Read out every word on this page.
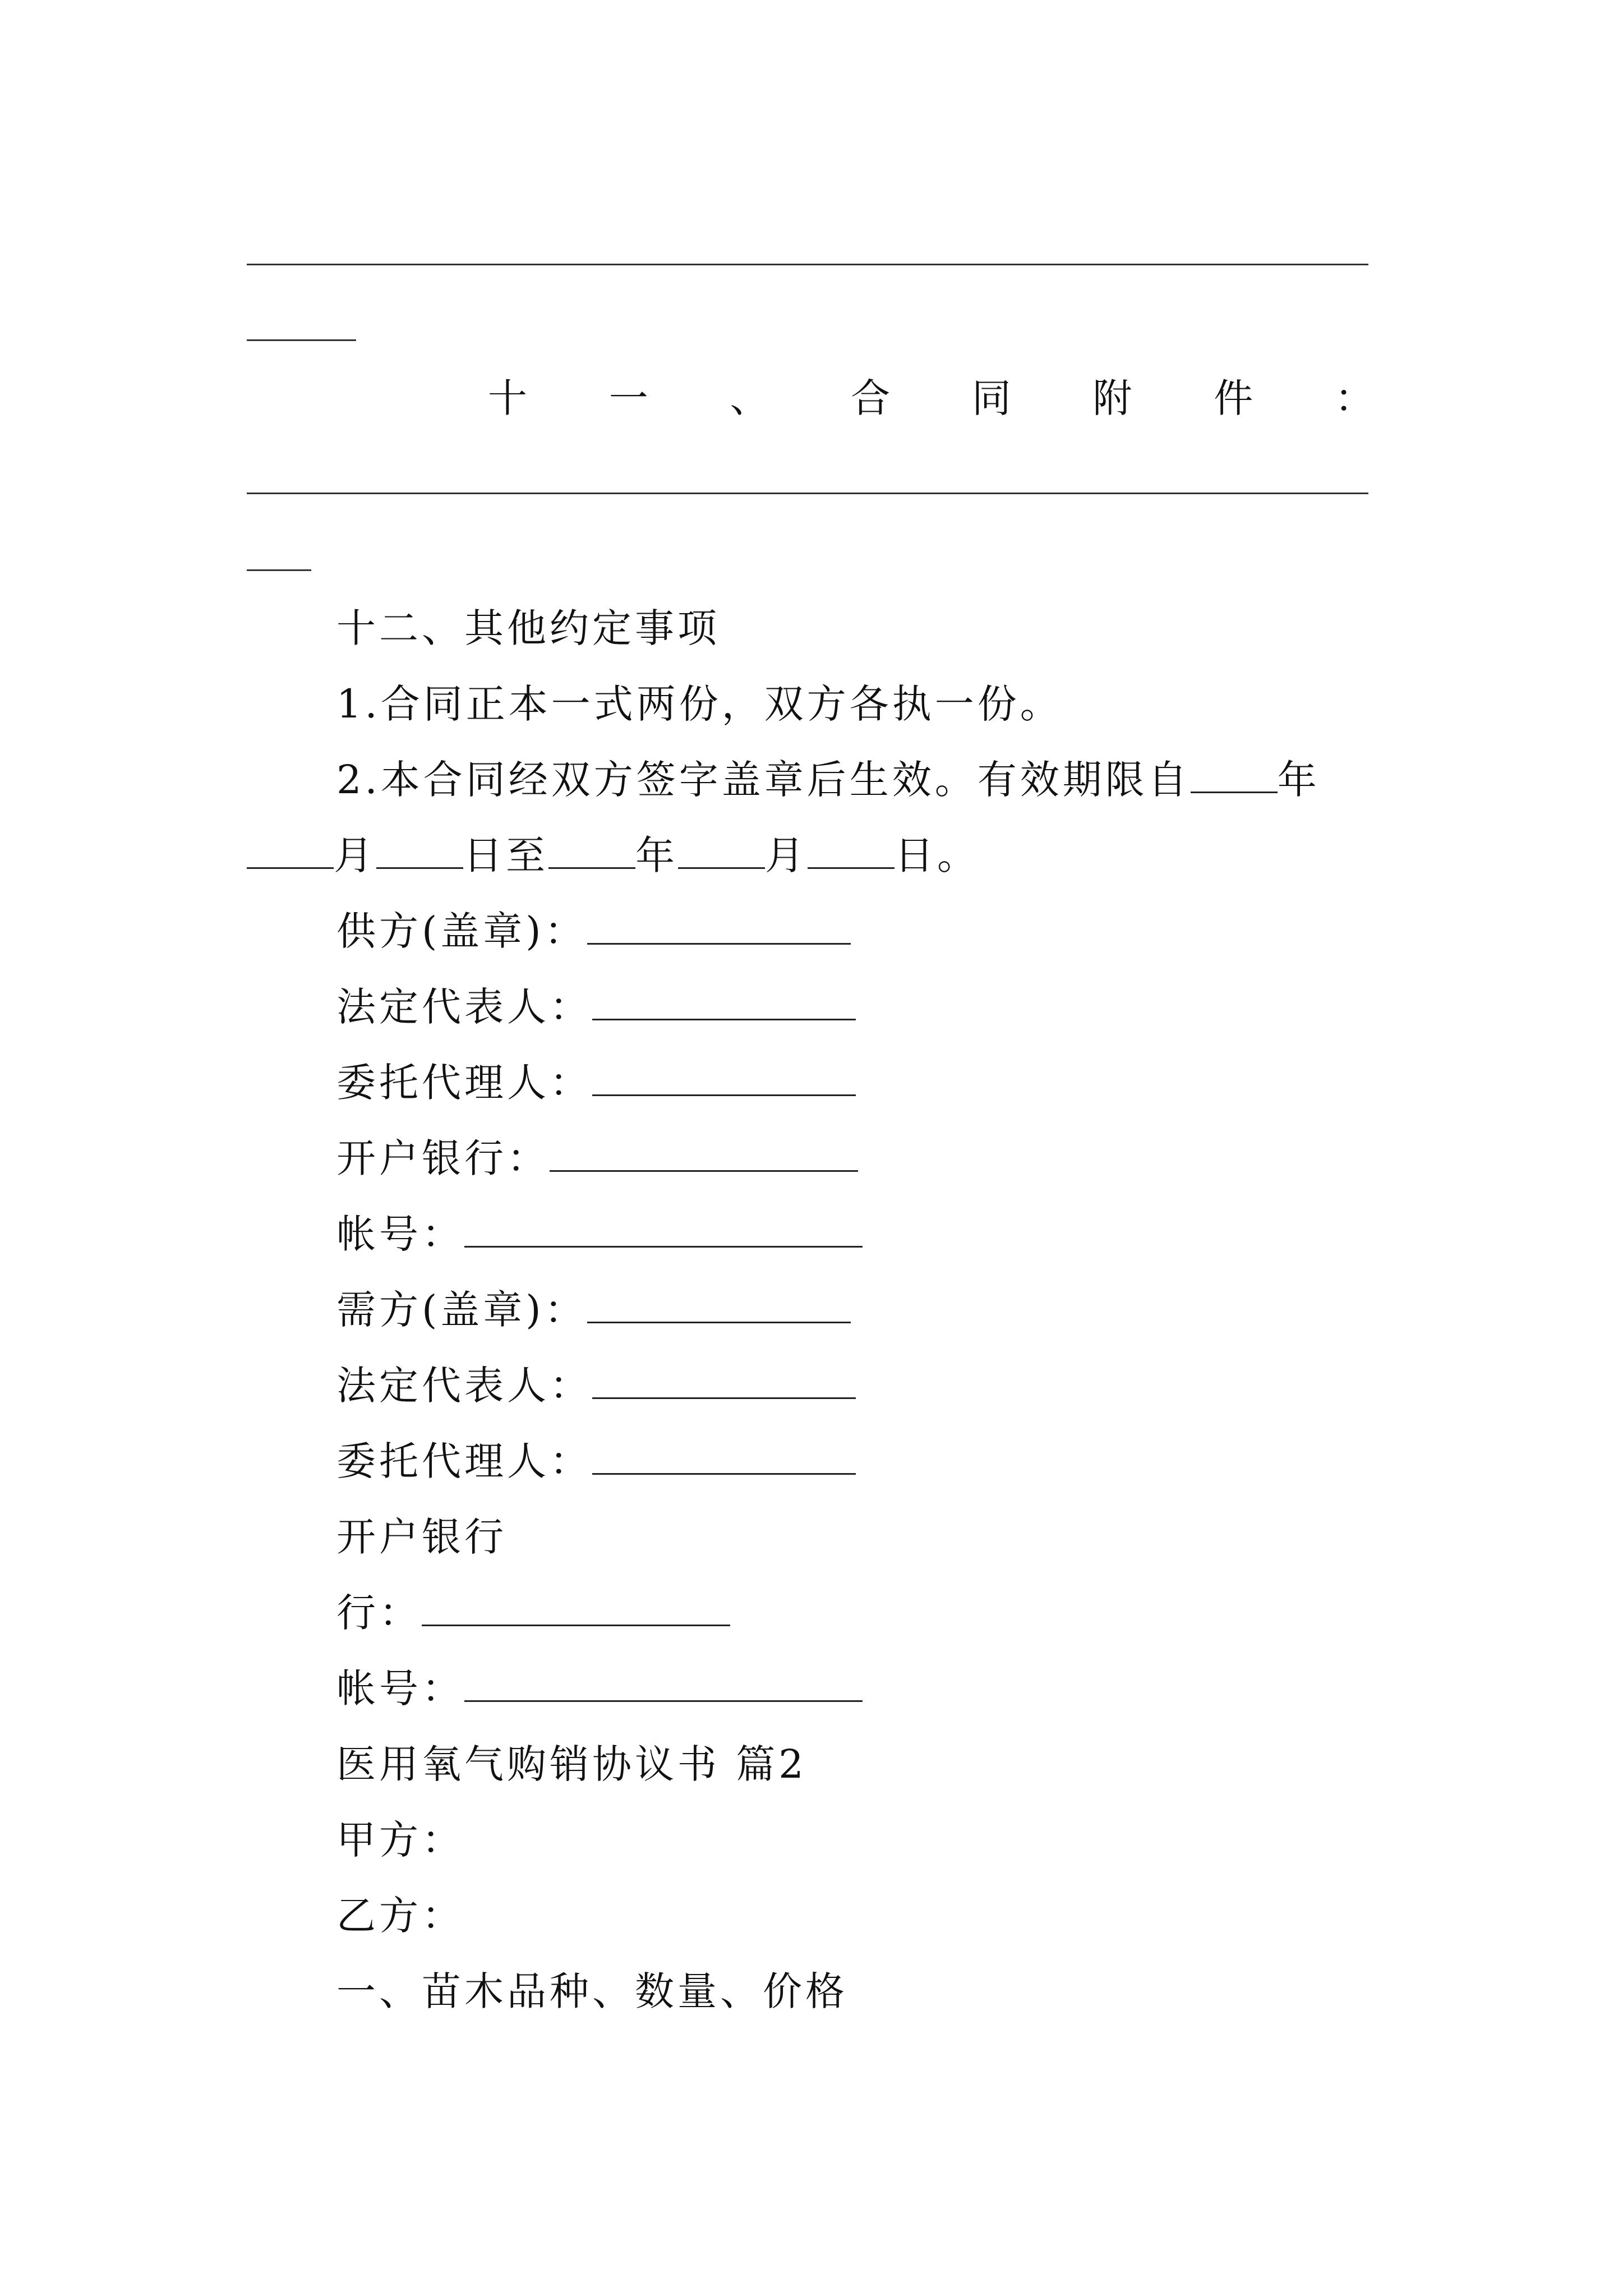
十 一 、 合 同 附 件 ：
十二、其他约定事项
1.合同正本一式两份，双方各执一份。
2.本合同经双方签字盖章后生效。有效期限自 年
月 日至 年 月 日。
供方(盖章)：
法定代表人：
委托代理人：
开户银行：
帐号：
需方(盖章)：
法定代表人：
委托代理人：
开户银行
行：
帐号：
医用氧气购销协议书 篇2
甲方：
乙方：
一、苗木品种、数量、价格
